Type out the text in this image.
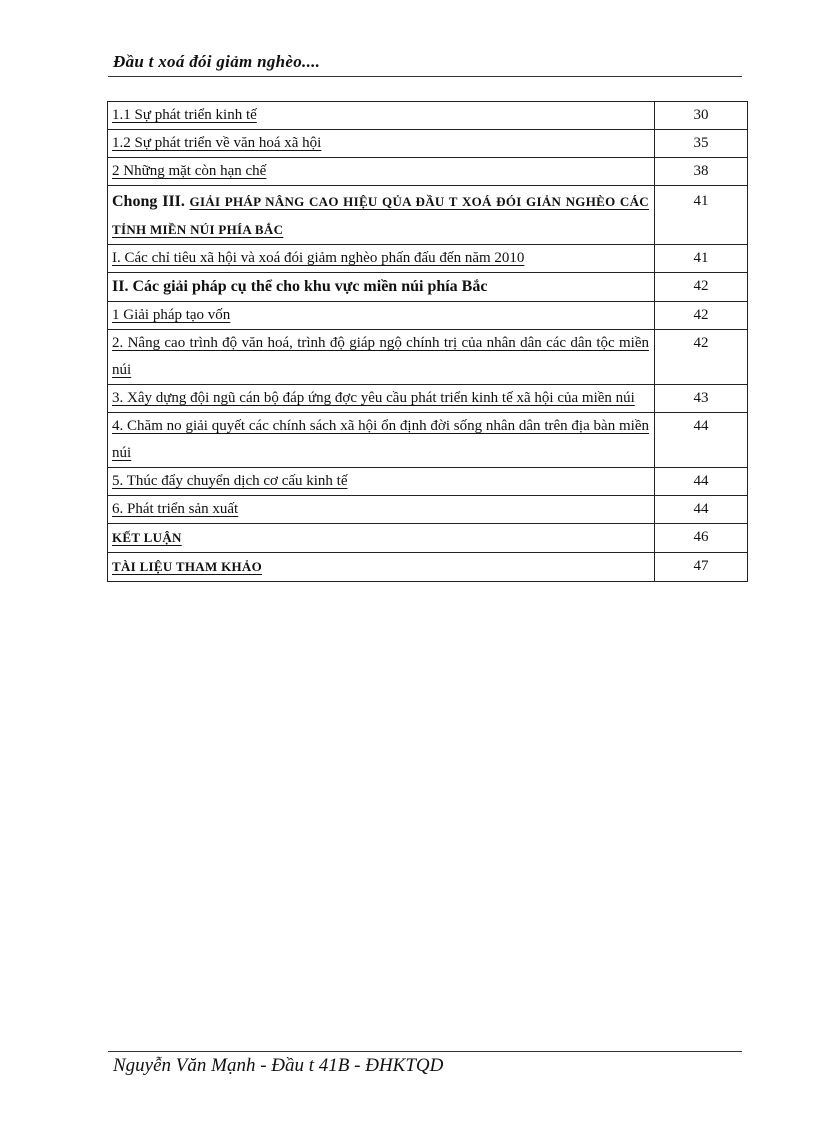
Đầu t xoá đói giảm nghèo....
1.1 Sự phát triển kinh tế	30
1.2 Sự phát triển về văn hoá xã hội	35
2 Những mặt còn hạn chế	38
Chong III. GIẢI PHÁP NÂNG CAO HIỆU QỦA ĐẦU T XOÁ ĐÓI GIẢN NGHÈO CÁC TỈNH MIỀN NÚI PHÍA BẮC	41
I. Các chỉ tiêu xã hội và xoá đói giảm nghèo phấn đấu đến năm 2010	41
II. Các giải pháp cụ thể cho khu vực miền núi phía Bắc	42
1 Giải pháp tạo vốn	42
2. Nâng cao trình độ văn hoá, trình độ giáp ngộ chính trị của nhân dân các dân tộc miền núi	42
3. Xây dựng đội ngũ cán bộ đáp ứng đợc yêu cầu phát triển kinh tế xã hội của miền núi	43
4. Chăm no giải quyết các chính sách xã hội ổn định đời sống nhân dân trên địa bàn miền núi	44
5. Thúc đẩy chuyển dịch cơ cấu kinh tế	44
6. Phát triển sản xuất	44
KẾT LUẬN	46
TÀI LIỆU THAM KHẢO	47
Nguyễn Văn Mạnh - Đầu t 41B - ĐHKTQD
